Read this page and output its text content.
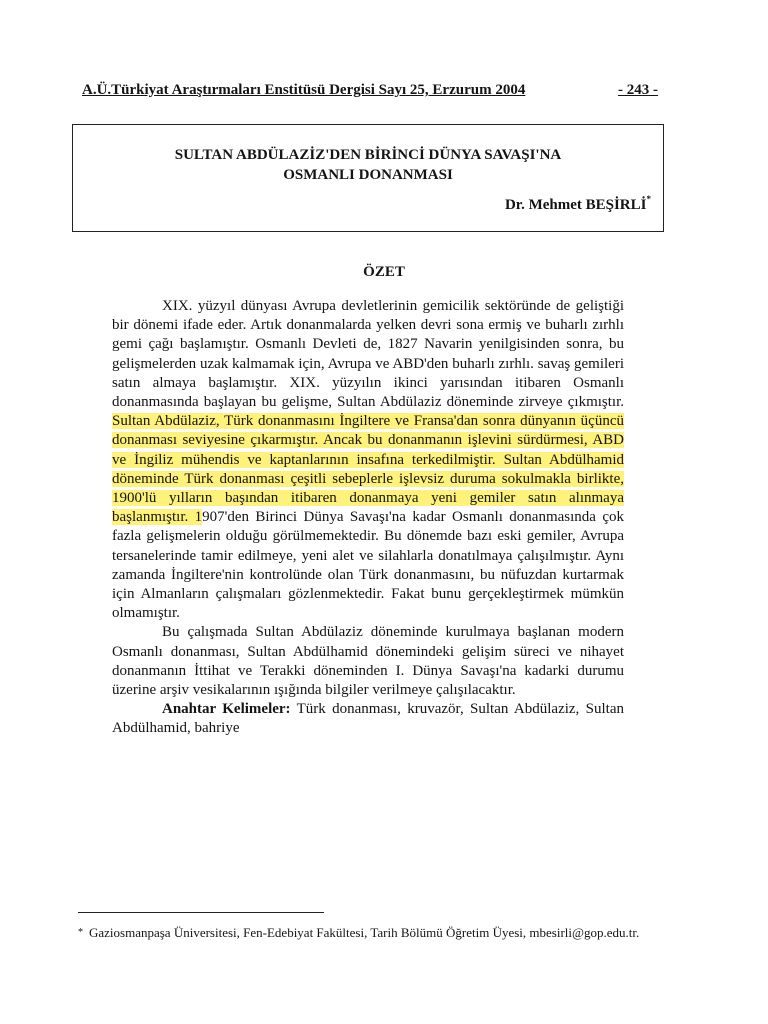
A.Ü.Türkiyat Araştırmaları Enstitüsü Dergisi Sayı 25, Erzurum 2004	- 243 -
SULTAN ABDÜLAZİZ'DEN BİRİNCİ DÜNYA SAVAŞI'NA
OSMANLI DONANMASI
Dr. Mehmet BEŞİRLİ*
ÖZET

XIX. yüzyıl dünyası Avrupa devletlerinin gemicilik sektöründe de geliştiği bir dönemi ifade eder. Artık donanmalarda yelken devri sona ermiş ve buharlı zırhlı gemi çağı başlamıştır. Osmanlı Devleti de, 1827 Navarin yenilgisinden sonra, bu gelişmelerden uzak kalmamak için, Avrupa ve ABD'den buharlı zırhlı. savaş gemileri satın almaya başlamıştır. XIX. yüzyılın ikinci yarısından itibaren Osmanlı donanmasında başlayan bu gelişme, Sultan Abdülaziz döneminde zirveye çıkmıştır. Sultan Abdülaziz, Türk donanmasını İngiltere ve Fransa'dan sonra dünyanın üçüncü donanması seviyesine çıkarmıştır. Ancak bu donanmanın işlevini sürdürmesi, ABD ve İngiliz mühendis ve kaptanlarının insafına terkedilmiştir. Sultan Abdülhamid döneminde Türk donanması çeşitli sebeplerle işlevsiz duruma sokulmakla birlikte, 1900'lü yılların başından itibaren donanmaya yeni gemiler satın alınmaya başlanmıştır. 1907'den Birinci Dünya Savaşı'na kadar Osmanlı donanmasında çok fazla gelişmelerin olduğu görülmemektedir. Bu dönemde bazı eski gemiler, Avrupa tersanelerinde tamir edilmeye, yeni alet ve silahlarla donatılmaya çalışılmıştır. Aynı zamanda İngiltere'nin kontrolünde olan Türk donanmasını, bu nüfuzdan kurtarmak için Almanların çalışmaları gözlenmektedir. Fakat bunu gerçekleştirmek mümkün olmamıştır.

Bu çalışmada Sultan Abdülaziz döneminde kurulmaya başlanan modern Osmanlı donanması, Sultan Abdülhamid dönemindeki gelişim süreci ve nihayet donanmanın İttihat ve Terakki döneminden I. Dünya Savaşı'na kadarki durumu üzerine arşiv vesikalarının ışığında bilgiler verilmeye çalışılacaktır.

Anahtar Kelimeler: Türk donanması, kruvazör, Sultan Abdülaziz, Sultan Abdülhamid, bahriye

* Gaziosmanpaşa Üniversitesi, Fen-Edebiyat Fakültesi, Tarih Bölümü Öğretim Üyesi, mbesirli@gop.edu.tr.
